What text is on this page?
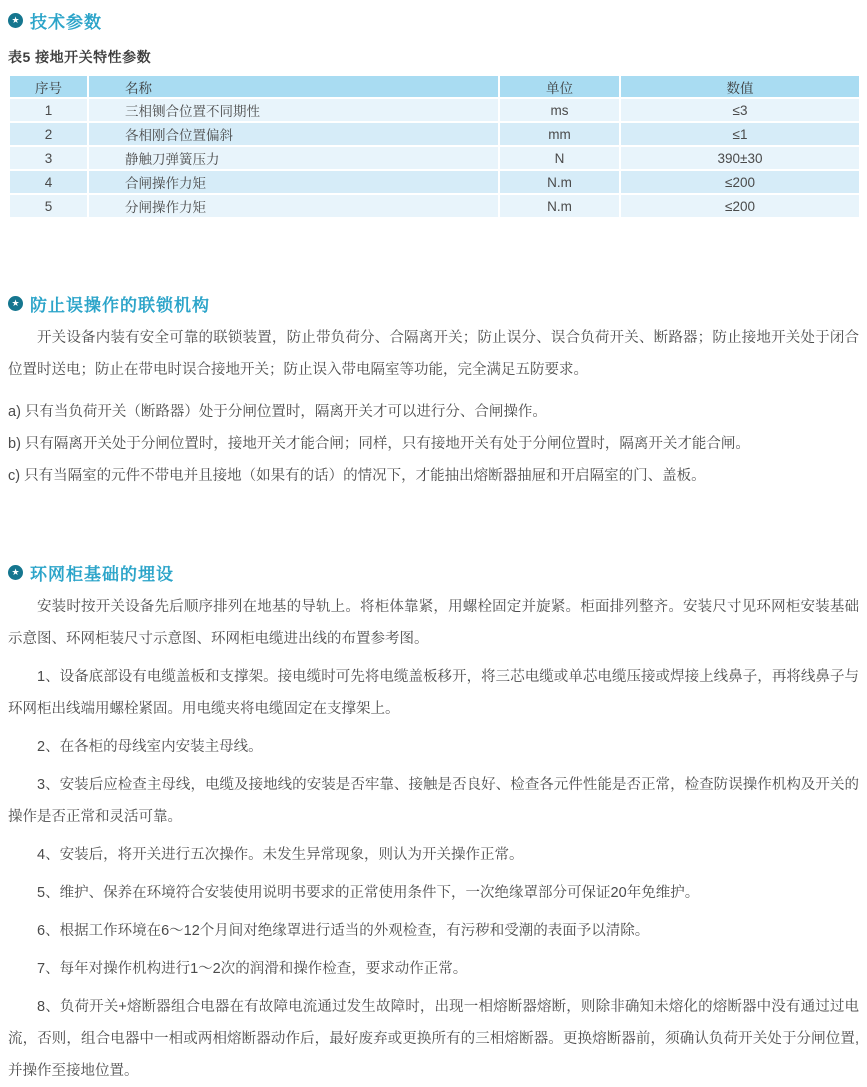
★ 技术参数
表5 接地开关特性参数
序号	名称	单位	数值
1	三相铡合位置不同期性	ms	≤3
2	各相刚合位置偏斜	mm	≤1
3	静触刀弹簧压力	N	390±30
4	合闸操作力矩	N.m	≤200
5	分闸操作力矩	N.m	≤200
★ 防止误操作的联锁机构

开关设备内装有安全可靠的联锁装置，防止带负荷分、合隔离开关；防止误分、误合负荷开关、断路器；防止接地开关处于闭合位置时送电；防止在带电时误合接地开关；防止误入带电隔室等功能，完全满足五防要求。

a) 只有当负荷开关（断路器）处于分闸位置时，隔离开关才可以进行分、合闸操作。

b) 只有隔离开关处于分闸位置时，接地开关才能合闸；同样，只有接地开关有处于分闸位置时，隔离开关才能合闸。

c) 只有当隔室的元件不带电并且接地（如果有的话）的情况下，才能抽出熔断器抽屉和开启隔室的门、盖板。

★ 环网柜基础的埋设

安装时按开关设备先后顺序排列在地基的导轨上。将柜体靠紧，用螺栓固定并旋紧。柜面排列整齐。安装尺寸见环网柜安装基础示意图、环网柜装尺寸示意图、环网柜电缆进出线的布置参考图。

1、设备底部设有电缆盖板和支撑架。接电缆时可先将电缆盖板移开，将三芯电缆或单芯电缆压接或焊接上线鼻子，再将线鼻子与环网柜出线端用螺栓紧固。用电缆夹将电缆固定在支撑架上。

2、在各柜的母线室内安装主母线。

3、安装后应检查主母线，电缆及接地线的安装是否牢靠、接触是否良好、检查各元件性能是否正常，检查防误操作机构及开关的操作是否正常和灵活可靠。

4、安装后，将开关进行五次操作。未发生异常现象，则认为开关操作正常。

5、维护、保养在环境符合安装使用说明书要求的正常使用条件下，一次绝缘罩部分可保证20年免维护。

6、根据工作环境在6～12个月间对绝缘罩进行适当的外观检查，有污秽和受潮的表面予以清除。

7、每年对操作机构进行1～2次的润滑和操作检查，要求动作正常。

8、负荷开关+熔断器组合电器在有故障电流通过发生故障时，出现一相熔断器熔断，则除非确知未熔化的熔断器中没有通过过电流，否则，组合电器中一相或两相熔断器动作后，最好废弃或更换所有的三相熔断器。更换熔断器前，须确认负荷开关处于分闸位置,并操作至接地位置。
